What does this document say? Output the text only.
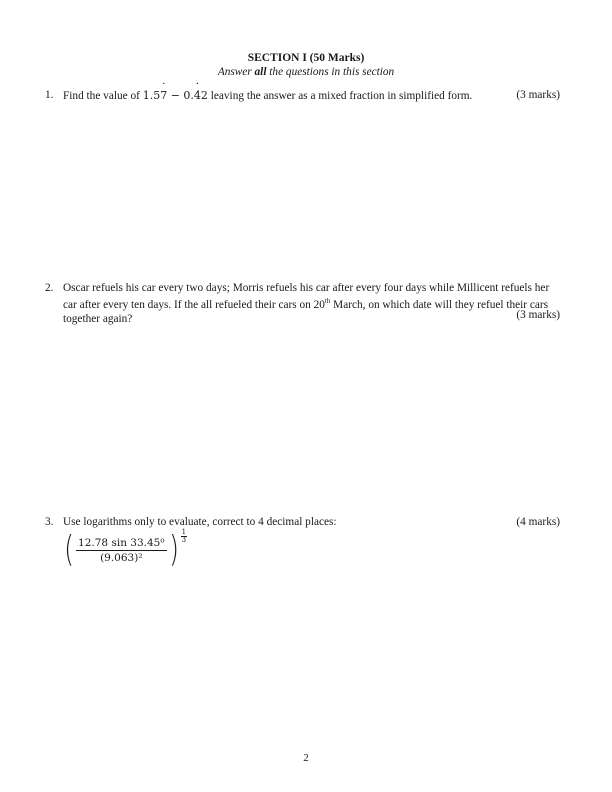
SECTION I (50 Marks)
Answer all the questions in this section
1. Find the value of 1.5˙ 7 − 0.˙ 42 leaving the answer as a mixed fraction in simplified form.	(3 marks)
2. Oscar refuels his car every two days; Morris refuels his car after every four days while Millicent refuels her
car after every ten days. If the all refueled their cars on 20th March, on which date will they refuel their cars
together again?	(3 marks)
3. Use logarithms only to evaluate, correct to 4 decimal places:	(4 marks)
( $\frac{\text{12.78 sin 33.45⁰}}{\text{(9.063)²}}$ ) 1
3
2
